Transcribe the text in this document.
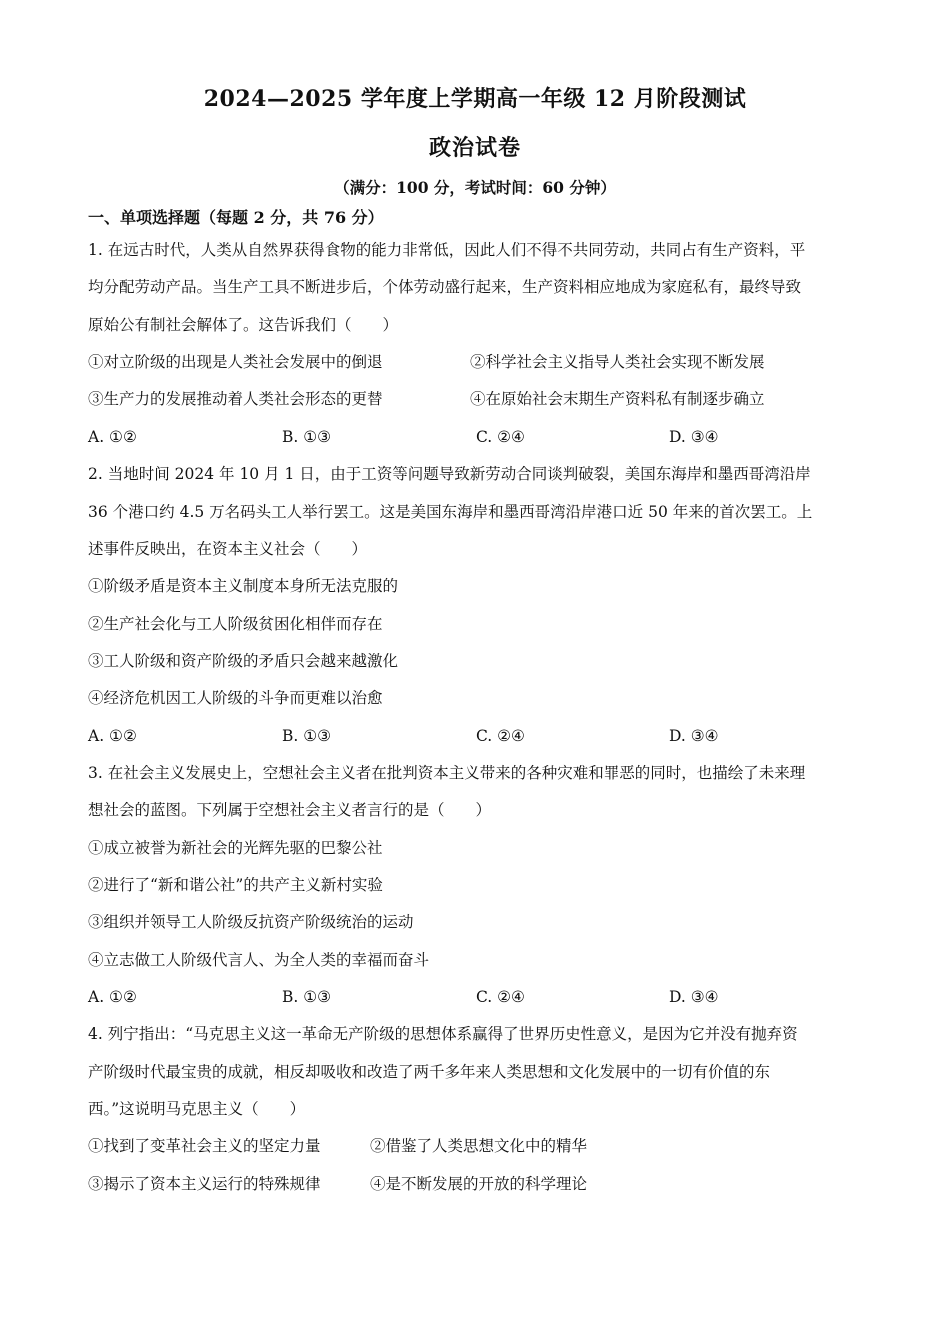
2024—2025 学年度上学期高一年级 12 月阶段测试
政治试卷
（满分：100 分，考试时间：60 分钟）
一、单项选择题（每题 2 分，共 76 分）
1. 在远古时代，人类从自然界获得食物的能力非常低，因此人们不得不共同劳动，共同占有生产资料，平
均分配劳动产品。当生产工具不断进步后，个体劳动盛行起来，生产资料相应地成为家庭私有，最终导致
原始公有制社会解体了。这告诉我们（　　）
①对立阶级的出现是人类社会发展中的倒退	②科学社会主义指导人类社会实现不断发展
③生产力的发展推动着人类社会形态的更替	④在原始社会末期生产资料私有制逐步确立
A. ①②	B. ①③	C. ②④	D. ③④
2. 当地时间 2024 年 10 月 1 日，由于工资等问题导致新劳动合同谈判破裂，美国东海岸和墨西哥湾沿岸
36 个港口约 4.5 万名码头工人举行罢工。这是美国东海岸和墨西哥湾沿岸港口近 50 年来的首次罢工。上
述事件反映出，在资本主义社会（　　）
①阶级矛盾是资本主义制度本身所无法克服的
②生产社会化与工人阶级贫困化相伴而存在
③工人阶级和资产阶级的矛盾只会越来越激化
④经济危机因工人阶级的斗争而更难以治愈
A. ①②	B. ①③	C. ②④	D. ③④
3. 在社会主义发展史上，空想社会主义者在批判资本主义带来的各种灾难和罪恶的同时，也描绘了未来理
想社会的蓝图。下列属于空想社会主义者言行的是（　　）
①成立被誉为新社会的光辉先驱的巴黎公社
②进行了“新和谐公社”的共产主义新村实验
③组织并领导工人阶级反抗资产阶级统治的运动
④立志做工人阶级代言人、为全人类的幸福而奋斗
A. ①②	B. ①③	C. ②④	D. ③④
4. 列宁指出：“马克思主义这一革命无产阶级的思想体系赢得了世界历史性意义，是因为它并没有抛弃资
产阶级时代最宝贵的成就，相反却吸收和改造了两千多年来人类思想和文化发展中的一切有价值的东
西。”这说明马克思主义（　　）
①找到了变革社会主义的坚定力量	②借鉴了人类思想文化中的精华
③揭示了资本主义运行的特殊规律	④是不断发展的开放的科学理论
